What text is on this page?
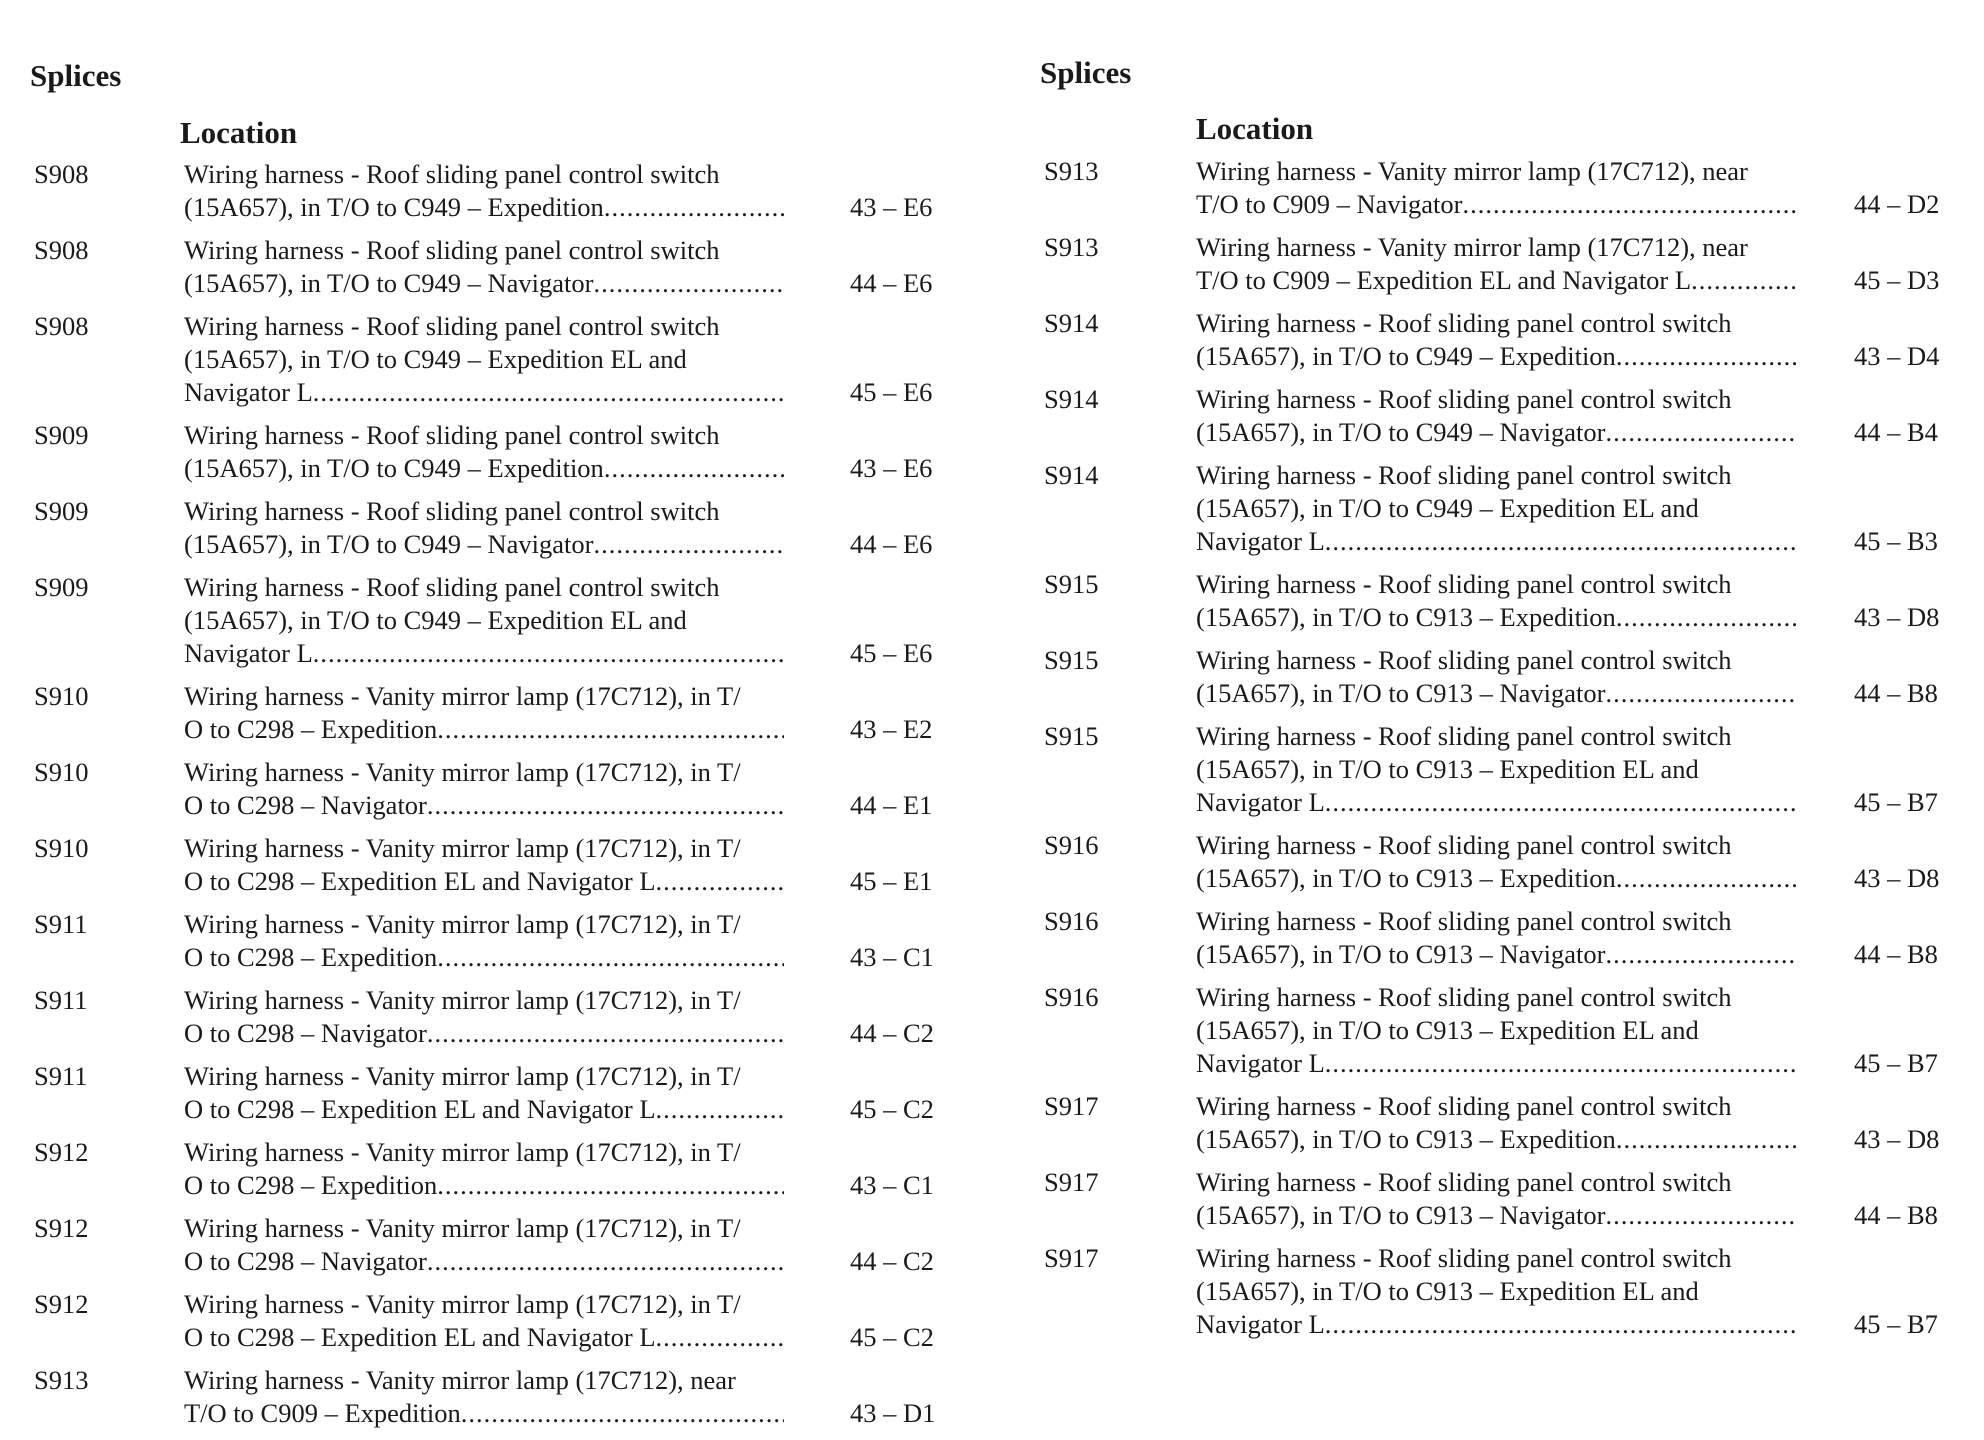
Splices
Location
S908	Wiring harness - Roof sliding panel control switch
(15A657), in T/O to C949 – Expedition .....	43 – E6
S908	Wiring harness - Roof sliding panel control switch
(15A657), in T/O to C949 – Navigator .....	44 – E6
S908	Wiring harness - Roof sliding panel control switch
(15A657), in T/O to C949 – Expedition EL and
Navigator L .....	45 – E6
S909	Wiring harness - Roof sliding panel control switch
(15A657), in T/O to C949 – Expedition .....	43 – E6
S909	Wiring harness - Roof sliding panel control switch
(15A657), in T/O to C949 – Navigator .....	44 – E6
S909	Wiring harness - Roof sliding panel control switch
(15A657), in T/O to C949 – Expedition EL and
Navigator L .....	45 – E6
S910	Wiring harness - Vanity mirror lamp (17C712), in T/
O to C298 – Expedition .....	43 – E2
S910	Wiring harness - Vanity mirror lamp (17C712), in T/
O to C298 – Navigator .....	44 – E1
S910	Wiring harness - Vanity mirror lamp (17C712), in T/
O to C298 – Expedition EL and Navigator L .....	45 – E1
S911	Wiring harness - Vanity mirror lamp (17C712), in T/
O to C298 – Expedition .....	43 – C1
S911	Wiring harness - Vanity mirror lamp (17C712), in T/
O to C298 – Navigator .....	44 – C2
S911	Wiring harness - Vanity mirror lamp (17C712), in T/
O to C298 – Expedition EL and Navigator L .....	45 – C2
S912	Wiring harness - Vanity mirror lamp (17C712), in T/
O to C298 – Expedition .....	43 – C1
S912	Wiring harness - Vanity mirror lamp (17C712), in T/
O to C298 – Navigator .....	44 – C2
S912	Wiring harness - Vanity mirror lamp (17C712), in T/
O to C298 – Expedition EL and Navigator L .....	45 – C2
S913	Wiring harness - Vanity mirror lamp (17C712), near
T/O to C909 – Expedition .....	43 – D1
Splices
Location
S913	Wiring harness - Vanity mirror lamp (17C712), near
T/O to C909 – Navigator .....	44 – D2
S913	Wiring harness - Vanity mirror lamp (17C712), near
T/O to C909 – Expedition EL and Navigator L .....	45 – D3
S914	Wiring harness - Roof sliding panel control switch
(15A657), in T/O to C949 – Expedition .....	43 – D4
S914	Wiring harness - Roof sliding panel control switch
(15A657), in T/O to C949 – Navigator .....	44 – B4
S914	Wiring harness - Roof sliding panel control switch
(15A657), in T/O to C949 – Expedition EL and
Navigator L .....	45 – B3
S915	Wiring harness - Roof sliding panel control switch
(15A657), in T/O to C913 – Expedition .....	43 – D8
S915	Wiring harness - Roof sliding panel control switch
(15A657), in T/O to C913 – Navigator .....	44 – B8
S915	Wiring harness - Roof sliding panel control switch
(15A657), in T/O to C913 – Expedition EL and
Navigator L .....	45 – B7
S916	Wiring harness - Roof sliding panel control switch
(15A657), in T/O to C913 – Expedition .....	43 – D8
S916	Wiring harness - Roof sliding panel control switch
(15A657), in T/O to C913 – Navigator .....	44 – B8
S916	Wiring harness - Roof sliding panel control switch
(15A657), in T/O to C913 – Expedition EL and
Navigator L .....	45 – B7
S917	Wiring harness - Roof sliding panel control switch
(15A657), in T/O to C913 – Expedition .....	43 – D8
S917	Wiring harness - Roof sliding panel control switch
(15A657), in T/O to C913 – Navigator .....	44 – B8
S917	Wiring harness - Roof sliding panel control switch
(15A657), in T/O to C913 – Expedition EL and
Navigator L .....	45 – B7
